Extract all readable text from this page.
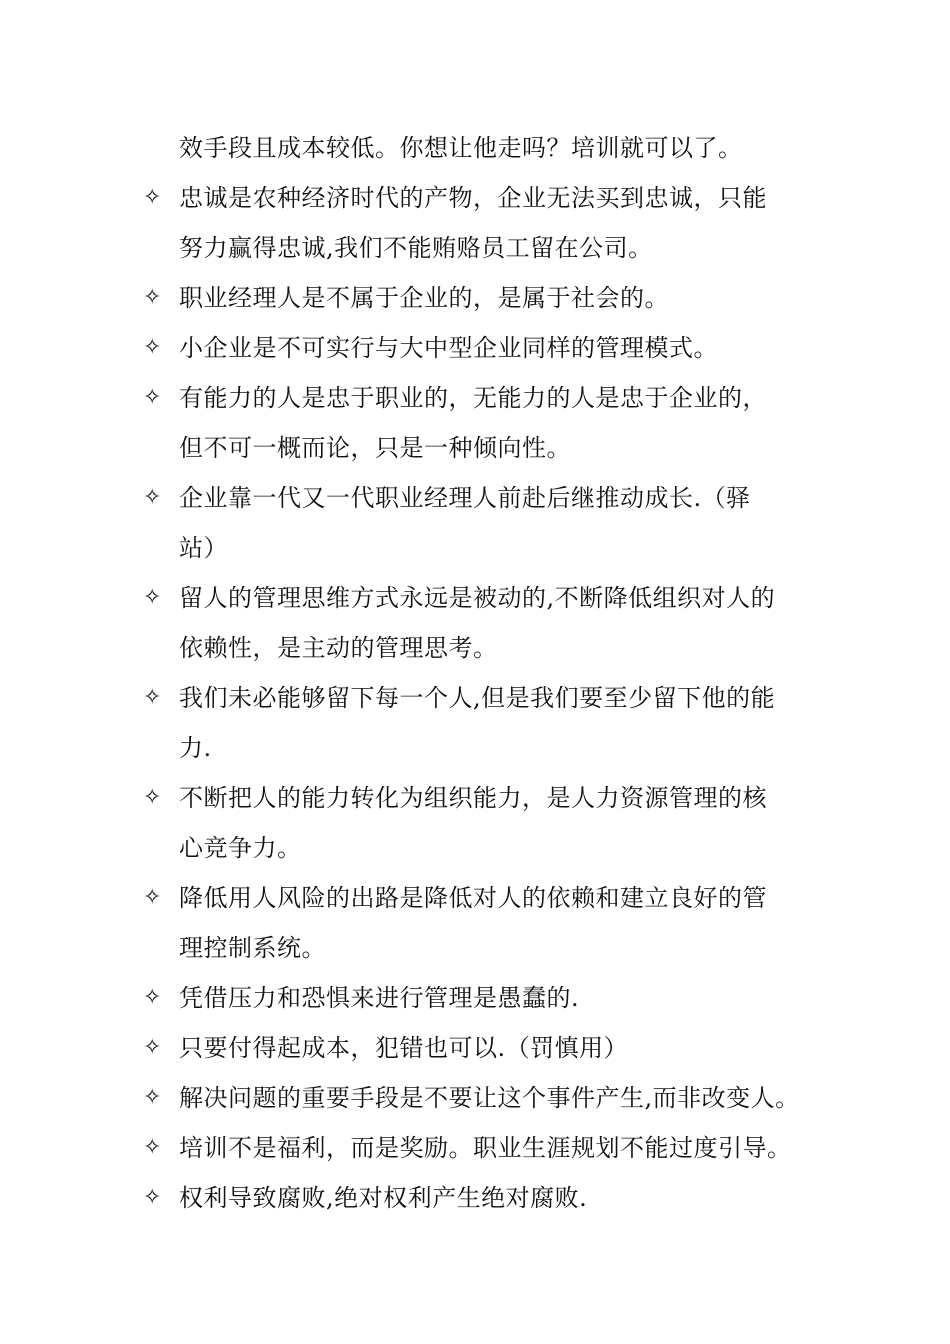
效手段且成本较低。你想让他走吗？培训就可以了。
✧ 忠诚是农种经济时代的产物，企业无法买到忠诚，只能
努力赢得忠诚,我们不能贿赂员工留在公司。
✧ 职业经理人是不属于企业的，是属于社会的。
✧ 小企业是不可实行与大中型企业同样的管理模式。
✧ 有能力的人是忠于职业的，无能力的人是忠于企业的，
但不可一概而论，只是一种倾向性。
✧ 企业靠一代又一代职业经理人前赴后继推动成长.（驿
站）
✧ 留人的管理思维方式永远是被动的,不断降低组织对人的
依赖性，是主动的管理思考。
✧ 我们未必能够留下每一个人,但是我们要至少留下他的能
力.
✧ 不断把人的能力转化为组织能力，是人力资源管理的核
心竞争力。
✧ 降低用人风险的出路是降低对人的依赖和建立良好的管
理控制系统。
✧ 凭借压力和恐惧来进行管理是愚蠢的.
✧ 只要付得起成本，犯错也可以.（罚慎用）
✧ 解决问题的重要手段是不要让这个事件产生,而非改变人。
✧ 培训不是福利，而是奖励。职业生涯规划不能过度引导。
✧ 权利导致腐败,绝对权利产生绝对腐败.
